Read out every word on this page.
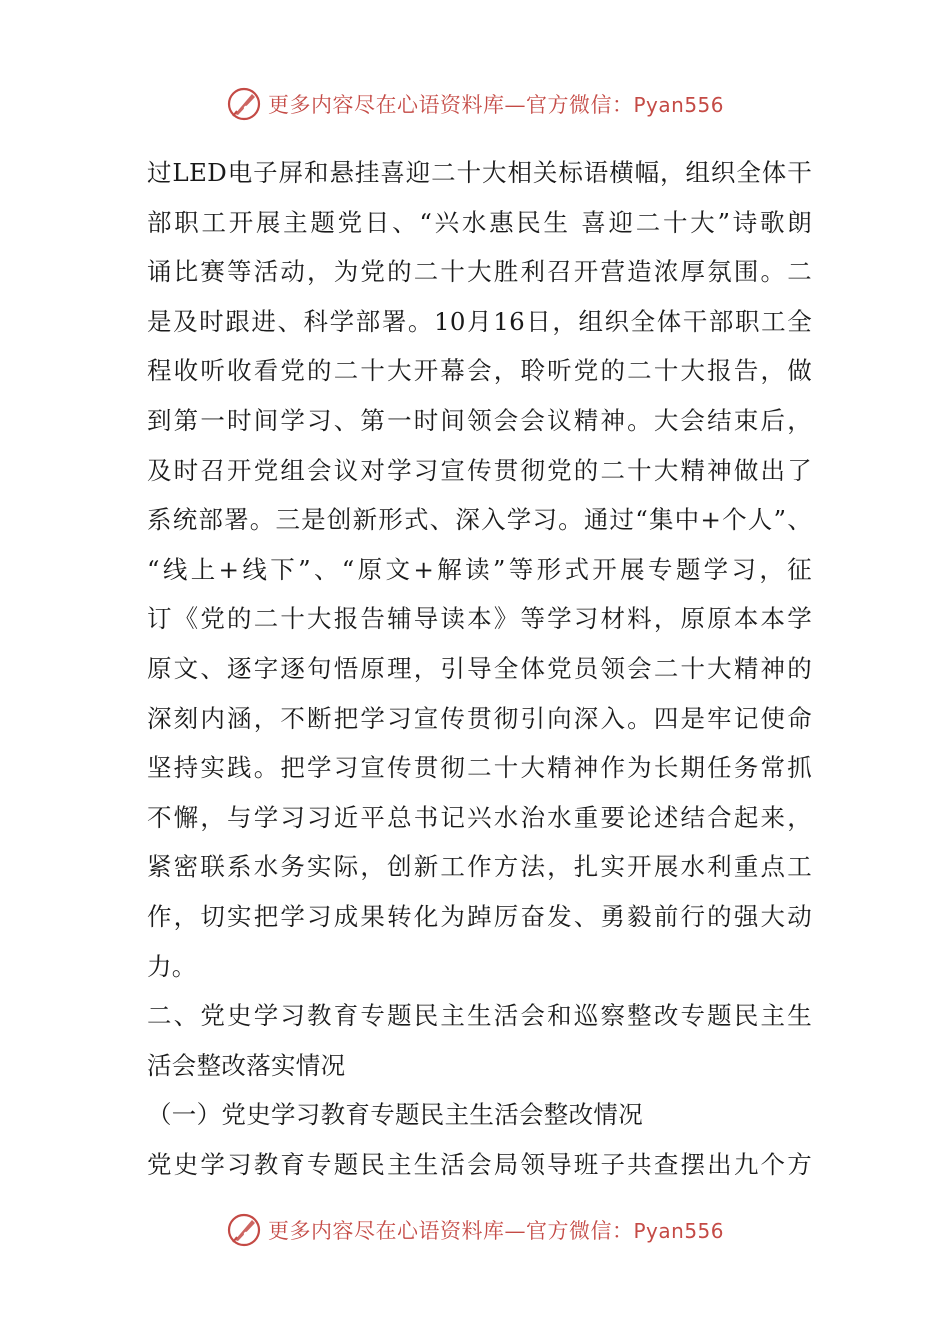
更多内容尽在心语资料库—官方微信：Pyan556
过LED电子屏和悬挂喜迎二十大相关标语横幅，组织全体干
部职工开展主题党日、“兴水惠民生 喜迎二十大”诗歌朗
诵比赛等活动，为党的二十大胜利召开营造浓厚氛围。二
是及时跟进、科学部署。10月16日，组织全体干部职工全
程收听收看党的二十大开幕会，聆听党的二十大报告，做
到第一时间学习、第一时间领会会议精神。大会结束后，
及时召开党组会议对学习宣传贯彻党的二十大精神做出了
系统部署。三是创新形式、深入学习。通过“集中+个人”、
“线上+线下”、“原文+解读”等形式开展专题学习，征
订《党的二十大报告辅导读本》等学习材料，原原本本学
原文、逐字逐句悟原理，引导全体党员领会二十大精神的
深刻内涵，不断把学习宣传贯彻引向深入。四是牢记使命
坚持实践。把学习宣传贯彻二十大精神作为长期任务常抓
不懈，与学习习近平总书记兴水治水重要论述结合起来，
紧密联系水务实际，创新工作方法，扎实开展水利重点工
作，切实把学习成果转化为踔厉奋发、勇毅前行的强大动
力。
二、党史学习教育专题民主生活会和巡察整改专题民主生
活会整改落实情况
（一）党史学习教育专题民主生活会整改情况
党史学习教育专题民主生活会局领导班子共查摆出九个方
更多内容尽在心语资料库—官方微信：Pyan556
